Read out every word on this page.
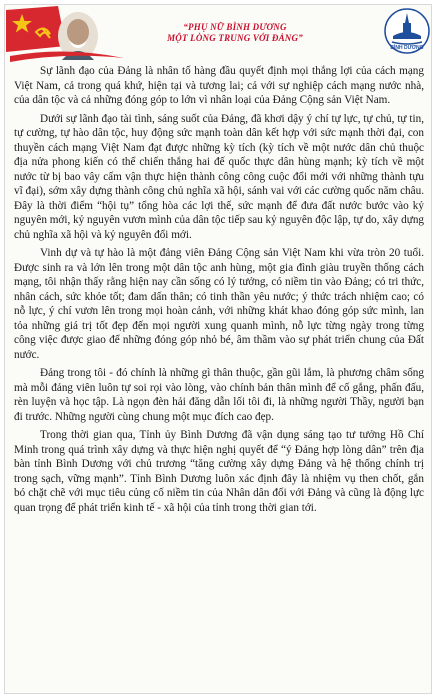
“PHỤ NỮ BÌNH DƯƠNG
MỘT LÒNG TRUNG VỚI ĐẢNG”
BÌNH DƯƠNG

Sự lãnh đạo của Đảng là nhân tố hàng đầu quyết định mọi thắng lợi của cách mạng Việt Nam, cả trong quá khứ, hiện tại và tương lai; cả với sự nghiệp cách mạng nước nhà, của dân tộc và cả những đóng góp to lớn vì nhân loại của Đảng Cộng sản Việt Nam.

Dưới sự lãnh đạo tài tình, sáng suốt của Đảng, đã khơi dậy ý chí tự lực, tự chủ, tự tin, tự cường, tự hào dân tộc, huy động sức mạnh toàn dân kết hợp với sức mạnh thời đại, con thuyền cách mạng Việt Nam đạt được những kỳ tích (kỳ tích về một nước dân chủ thuộc địa nửa phong kiến có thể chiến thắng hai đế quốc thực dân hùng mạnh; kỳ tích về một nước từ bị bao vây cấm vận thực hiện thành công công cuộc đổi mới với những thành tựu vĩ đại), sớm xây dựng thành công chủ nghĩa xã hội, sánh vai với các cường quốc năm châu. Đây là thời điểm “hội tụ” tổng hòa các lợi thế, sức mạnh để đưa đất nước bước vào kỷ nguyên mới, kỷ nguyên vươn mình của dân tộc tiếp sau kỷ nguyên độc lập, tự do, xây dựng chủ nghĩa xã hội và kỷ nguyên đổi mới.

Vinh dự và tự hào là một đảng viên Đảng Cộng sản Việt Nam khi vừa tròn 20 tuổi. Được sinh ra và lớn lên trong một dân tộc anh hùng, một gia đình giàu truyền thống cách mạng, tôi nhận thấy rằng hiện nay cần sống có lý tưởng, có niềm tin vào Đảng; có tri thức, nhân cách, sức khỏe tốt; đam dấn thân; có tinh thần yêu nước; ý thức trách nhiệm cao; có nỗ lực, ý chí vươn lên trong mọi hoàn cảnh, với những khát khao đóng góp sức mình, lan tỏa những giá trị tốt đẹp đến mọi người xung quanh mình, nỗ lực từng ngày trong từng công việc được giao để những đóng góp nhỏ bé, âm thầm vào sự phát triển chung của Đất nước.

Đảng trong tôi - đó chính là những gì thân thuộc, gần gũi lắm, là phương châm sống mà mỗi đảng viên luôn tự soi rọi vào lòng, vào chính bản thân mình để cố gắng, phấn đấu, rèn luyện và học tập. Là ngọn đèn hải đăng dẫn lối tôi đi, là những người Thầy, người bạn đi trước. Những người cùng chung một mục đích cao đẹp.

Trong thời gian qua, Tỉnh ủy Bình Dương đã vận dụng sáng tạo tư tưởng Hồ Chí Minh trong quá trình xây dựng và thực hiện nghị quyết để “ý Đảng hợp lòng dân” trên địa bàn tỉnh Bình Dương với chủ trương “tăng cường xây dựng Đảng và hệ thống chính trị trong sạch, vững mạnh”. Tỉnh Bình Dương luôn xác định đây là nhiệm vụ then chốt, gắn bó chặt chẽ với mục tiêu củng cố niềm tin của Nhân dân đối với Đảng và cũng là động lực quan trọng để phát triển kinh tế - xã hội của tỉnh trong thời gian tới.
